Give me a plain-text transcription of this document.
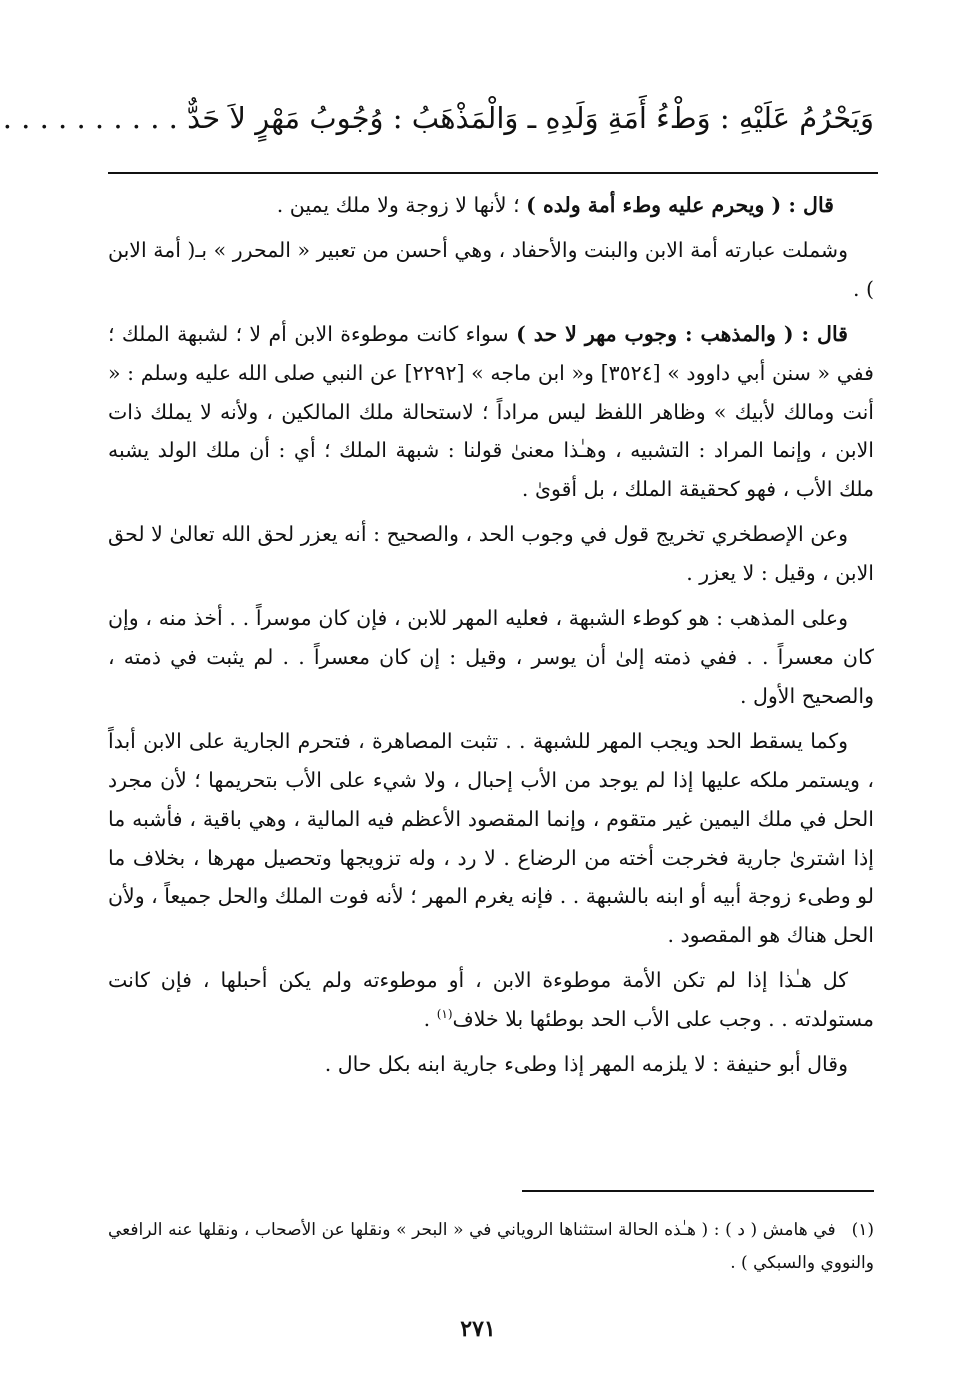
وَيَحْرُمُ عَلَيْهِ : وَطْءُ أَمَةِ وَلَدِهِ ـ وَالْمَذْهَبُ : وُجُوبُ مَهْرٍ لاَ حَدٌّ . . . . . . . . . .

قال : ( ويحرم عليه وطء أمة ولده ) ؛ لأنها لا زوجة ولا ملك يمين .

وشملت عبارته أمة الابن والبنت والأحفاد ، وهي أحسن من تعبير « المحرر » بـ( أمة الابن ) .

قال : ( والمذهب : وجوب مهر لا حد ) سواء كانت موطوءة الابن أم لا ؛ لشبهة الملك ؛ ففي « سنن أبي داوود » [٣٥٢٤] و« ابن ماجه » [٢٢٩٢] عن النبي صلى الله عليه وسلم : « أنت ومالك لأبيك » وظاهر اللفظ ليس مراداً ؛ لاستحالة ملك المالكين ، ولأنه لا يملك ذات الابن ، وإنما المراد : التشبيه ، وهـٰذا معنىٰ قولنا : شبهة الملك ؛ أي : أن ملك الولد يشبه ملك الأب ، فهو كحقيقة الملك ، بل أقوىٰ .

وعن الإصطخري تخريج قول في وجوب الحد ، والصحيح : أنه يعزر لحق الله تعالىٰ لا لحق الابن ، وقيل : لا يعزر .

وعلى المذهب : هو كوطء الشبهة ، فعليه المهر للابن ، فإن كان موسراً . . أخذ منه ، وإن كان معسراً . . ففي ذمته إلىٰ أن يوسر ، وقيل : إن كان معسراً . . لم يثبت في ذمته ، والصحيح الأول .

وكما يسقط الحد ويجب المهر للشبهة . . تثبت المصاهرة ، فتحرم الجارية على الابن أبداً ، ويستمر ملكه عليها إذا لم يوجد من الأب إحبال ، ولا شيء على الأب بتحريمها ؛ لأن مجرد الحل في ملك اليمين غير متقوم ، وإنما المقصود الأعظم فيه المالية ، وهي باقية ، فأشبه ما إذا اشترىٰ جارية فخرجت أخته من الرضاع . لا رد ، وله تزويجها وتحصيل مهرها ، بخلاف ما لو وطىء زوجة أبيه أو ابنه بالشبهة . . فإنه يغرم المهر ؛ لأنه فوت الملك والحل جميعاً ، ولأن الحل هناك هو المقصود .

كل هـٰذا إذا لم تكن الأمة موطوءة الابن ، أو موطوءته ولم يكن أحبلها ، فإن كانت مستولدته . . وجب على الأب الحد بوطئها بلا خلاف$^{(١)}$ .

وقال أبو حنيفة : لا يلزمه المهر إذا وطىء جارية ابنه بكل حال .

(١)في هامش ( د ) : ( هـٰذه الحالة استثناها الروياني في « البحر » ونقلها عن الأصحاب ، ونقلها عنه الرافعي والنووي والسبكي ) .
٢٧١
